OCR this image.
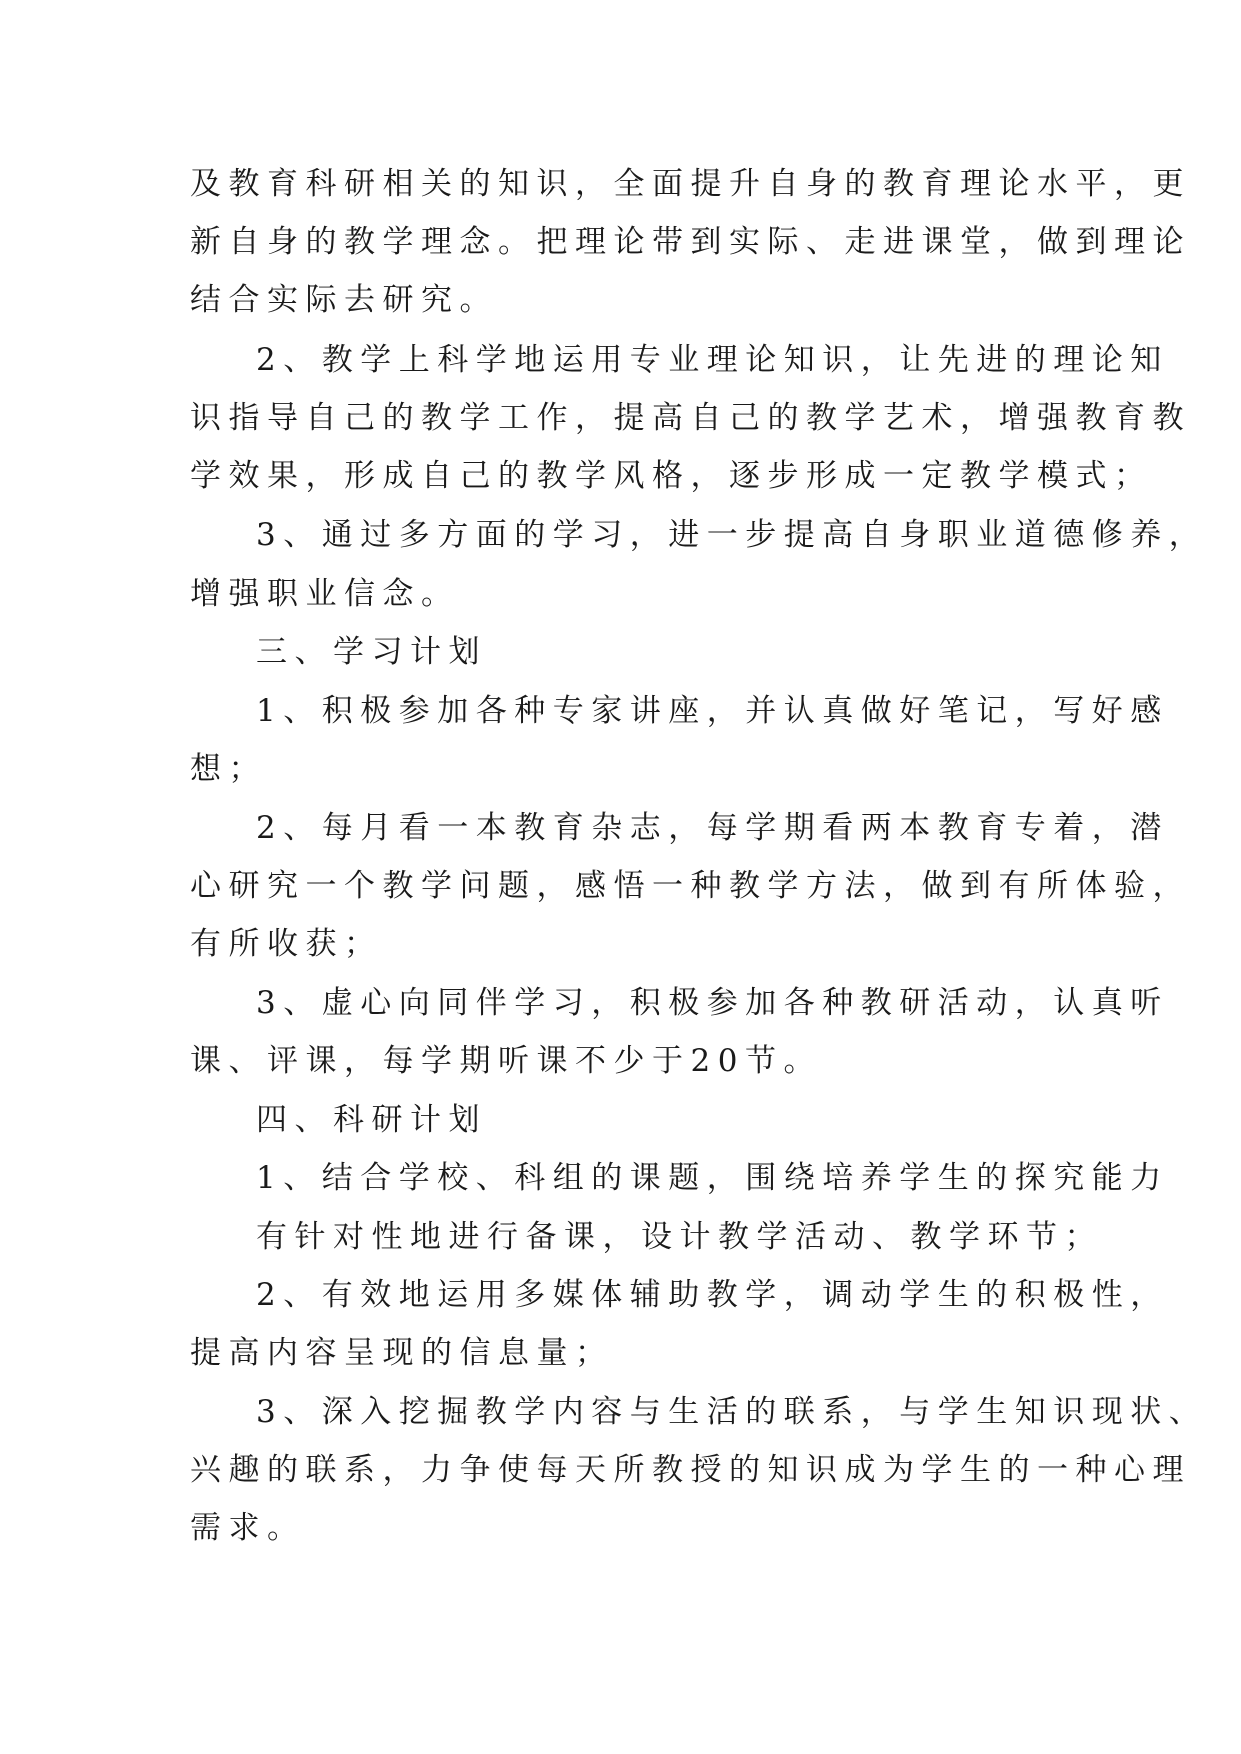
及教育科研相关的知识，全面提升自身的教育理论水平，更
新自身的教学理念。把理论带到实际、走进课堂，做到理论
结合实际去研究。
2、教学上科学地运用专业理论知识，让先进的理论知
识指导自己的教学工作，提高自己的教学艺术，增强教育教
学效果，形成自己的教学风格，逐步形成一定教学模式；
3、通过多方面的学习，进一步提高自身职业道德修养，
增强职业信念。
三、学习计划
1、积极参加各种专家讲座，并认真做好笔记，写好感
想；
2、每月看一本教育杂志，每学期看两本教育专着，潜
心研究一个教学问题，感悟一种教学方法，做到有所体验，
有所收获；
3、虚心向同伴学习，积极参加各种教研活动，认真听
课、评课，每学期听课不少于20节。
四、科研计划
1、结合学校、科组的课题，围绕培养学生的探究能力
有针对性地进行备课，设计教学活动、教学环节；
2、有效地运用多媒体辅助教学，调动学生的积极性，
提高内容呈现的信息量；
3、深入挖掘教学内容与生活的联系，与学生知识现状、
兴趣的联系，力争使每天所教授的知识成为学生的一种心理
需求。
